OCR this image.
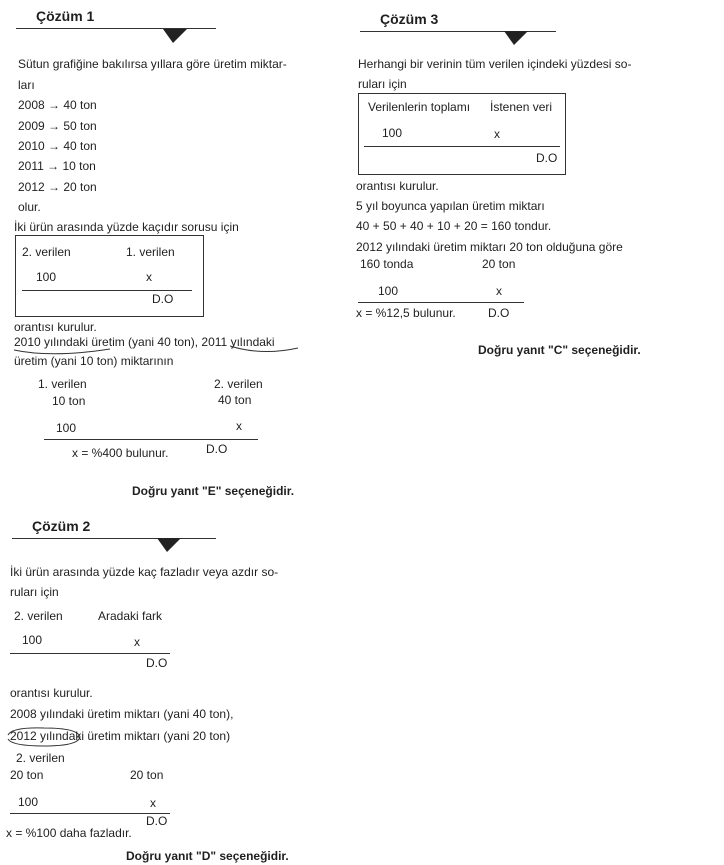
Çözüm 1
Sütun grafiğine bakılırsa yıllara göre üretim miktar-
ları
2008 → 40 ton
2009 → 50 ton
2010 → 40 ton
2011 → 10 ton
2012 → 20 ton
olur.
İki ürün arasında yüzde kaçıdır sorusu için
2. verilen	1. verilen
100	x
D.O
orantısı kurulur.
2010 yılındaki üretim (yani 40 ton), 2011 yılındaki
üretim (yani 10 ton) miktarının
1. verilen
10 ton
2. verilen
40 ton
100	x
x = %400 bulunur.	D.O
Doğru yanıt "E" seçeneğidir.
Çözüm 2
İki ürün arasında yüzde kaç fazladır veya azdır so-
ruları için
2. verilen	Aradaki fark
100	x
D.O
orantısı kurulur.
2008 yılındaki üretim miktarı (yani 40 ton),
2012 yılındaki üretim miktarı (yani 20 ton)
2. verilen
20 ton	20 ton
100	x
D.O
x = %100 daha fazladır.
Doğru yanıt "D" seçeneğidir.
Çözüm 3
Herhangi bir verinin tüm verilen içindeki yüzdesi so-
ruları için
Verilenlerin toplamı İstenen veri
100	x
D.O
orantısı kurulur.
5 yıl boyunca yapılan üretim miktarı
40 + 50 + 40 + 10 + 20 = 160 tondur.
2012 yılındaki üretim miktarı 20 ton olduğuna göre
160 tonda	20 ton
100	x
x = %12,5 bulunur.	D.O
Doğru yanıt "C" seçeneğidir.
